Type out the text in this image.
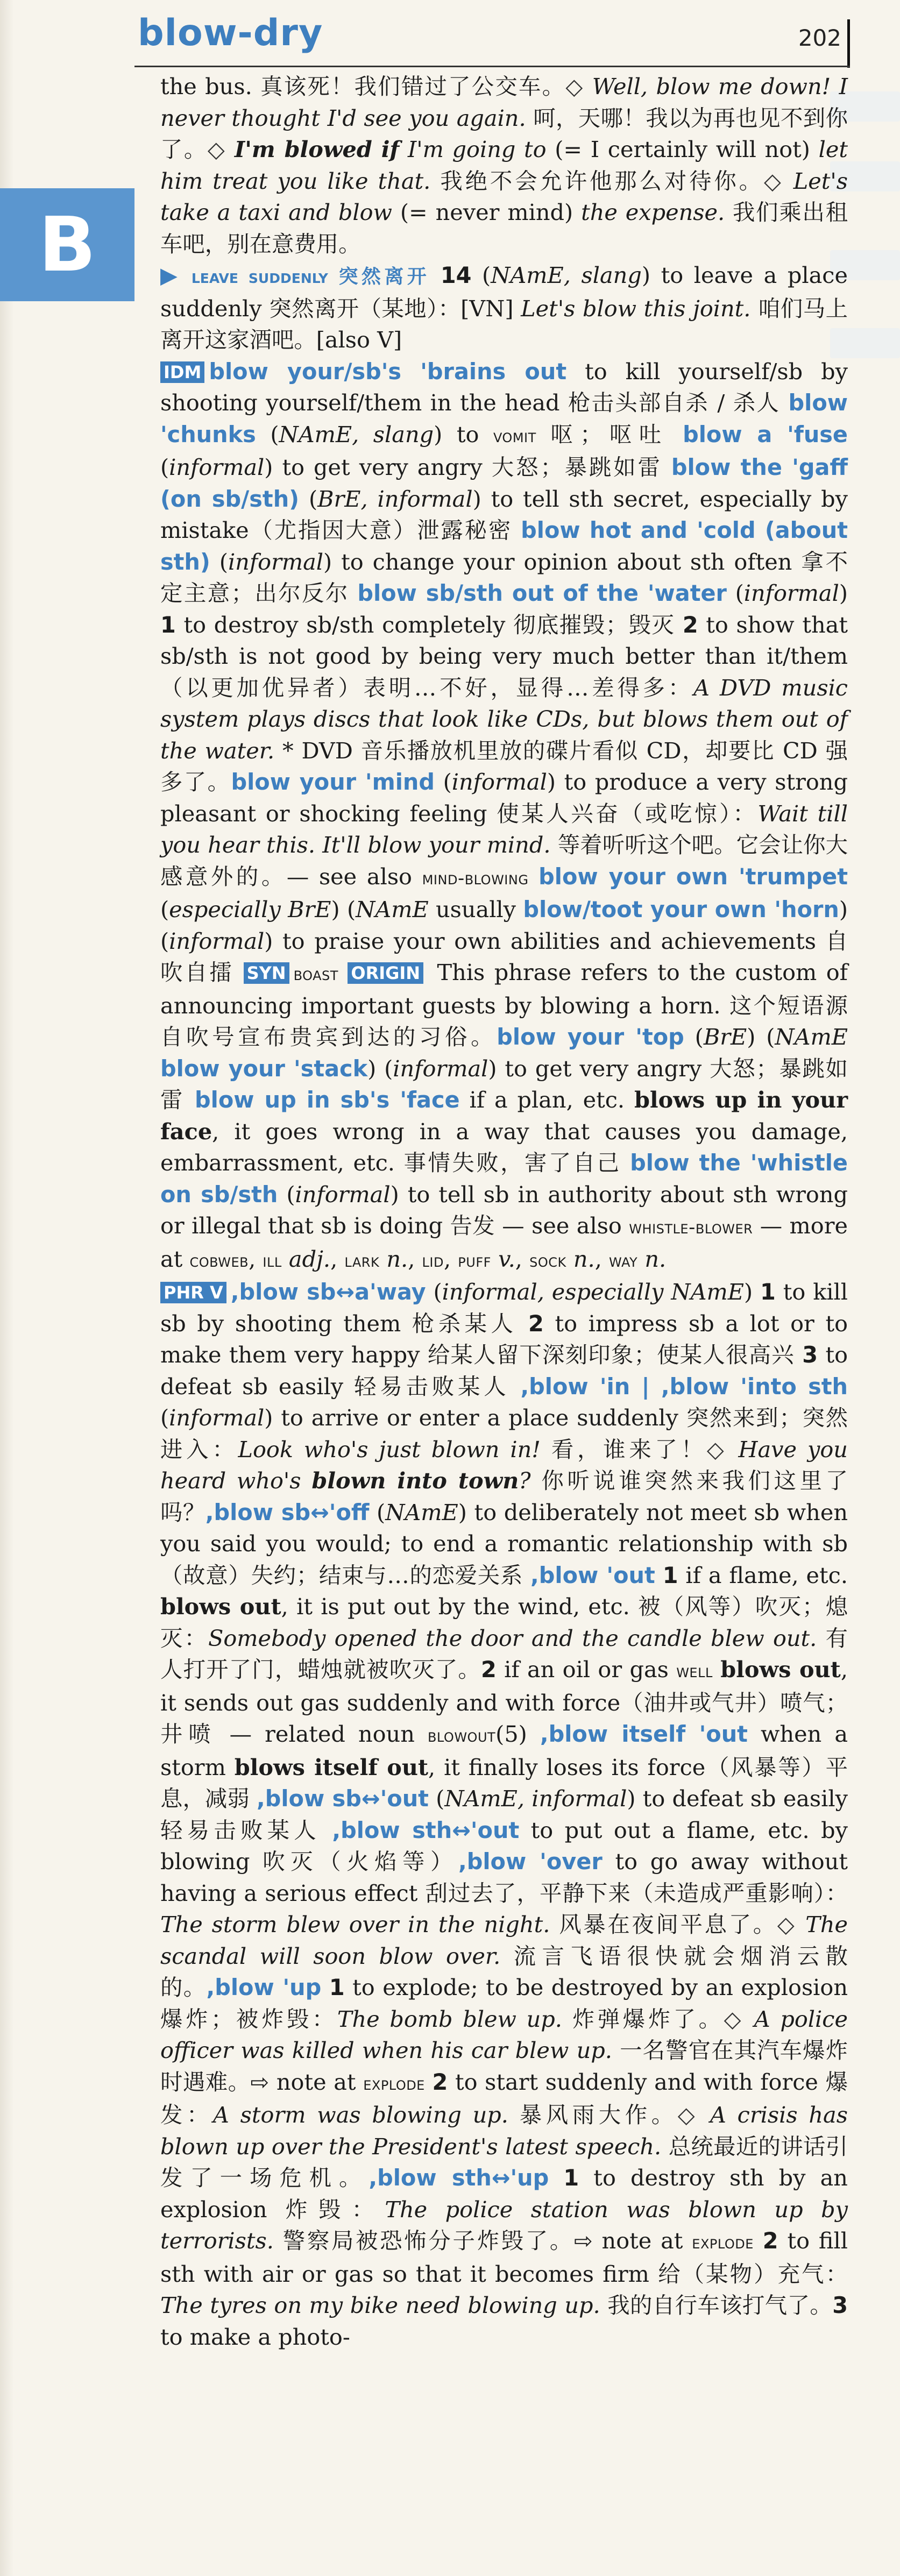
blow-dry	202
B
the bus. 真该死！我们错过了公交车。◇ Well, blow me down! I never thought I'd see you again. 呵，天哪！我以为再也见不到你了。◇ I'm blowed if I'm going to (= I certainly will not) let him treat you like that. 我绝不会允许他那么对待你。◇ Let's take a taxi and blow (= never mind) the expense. 我们乘出租车吧，别在意费用。
▶ leave suddenly 突然离开 14 (NAmE, slang) to leave a place suddenly 突然离开（某地）：[VN] Let's blow this joint. 咱们马上离开这家酒吧。[also V]
IDM blow your/sb's 'brains out to kill yourself/sb by shooting yourself/them in the head 枪击头部自杀 / 杀人 blow 'chunks (NAmE, slang) to vomit 呕；呕吐 blow a 'fuse (informal) to get very angry 大怒；暴跳如雷 blow the 'gaff (on sb/sth) (BrE, informal) to tell sth secret, especially by mistake（尤指因大意）泄露秘密 blow hot and 'cold (about sth) (informal) to change your opinion about sth often 拿不定主意；出尔反尔 blow sb/sth out of the 'water (informal) 1 to destroy sb/sth completely 彻底摧毁；毁灭 2 to show that sb/sth is not good by being very much better than it/them（以更加优异者）表明…不好，显得…差得多：A DVD music system plays discs that look like CDs, but blows them out of the water. * DVD 音乐播放机里放的碟片看似 CD，却要比 CD 强多了。blow your 'mind (informal) to produce a very strong pleasant or shocking feeling 使某人兴奋（或吃惊）：Wait till you hear this. It'll blow your mind. 等着听听这个吧。它会让你大感意外的。— see also mind-blowing blow your own 'trumpet (especially BrE) (NAmE usually blow/toot your own 'horn) (informal) to praise your own abilities and achievements 自吹自擂 SYN boast ORIGIN This phrase refers to the custom of announcing important guests by blowing a horn. 这个短语源自吹号宣布贵宾到达的习俗。blow your 'top (BrE) (NAmE blow your 'stack) (informal) to get very angry 大怒；暴跳如雷 blow up in sb's 'face if a plan, etc. blows up in your face, it goes wrong in a way that causes you damage, embarrassment, etc. 事情失败，害了自己 blow the 'whistle on sb/sth (informal) to tell sb in authority about sth wrong or illegal that sb is doing 告发 — see also whistle-blower — more at cobweb, ill adj., lark n., lid, puff v., sock n., way n.
PHR V ,blow sb↔a'way (informal, especially NAmE) 1 to kill sb by shooting them 枪杀某人 2 to impress sb a lot or to make them very happy 给某人留下深刻印象；使某人很高兴 3 to defeat sb easily 轻易击败某人 ,blow 'in | ,blow 'into sth (informal) to arrive or enter a place suddenly 突然来到；突然进入：Look who's just blown in! 看，谁来了！◇ Have you heard who's blown into town? 你听说谁突然来我们这里了吗？,blow sb↔'off (NAmE) to deliberately not meet sb when you said you would; to end a romantic relationship with sb（故意）失约；结束与…的恋爱关系 ,blow 'out 1 if a flame, etc. blows out, it is put out by the wind, etc. 被（风等）吹灭；熄灭：Somebody opened the door and the candle blew out. 有人打开了门，蜡烛就被吹灭了。2 if an oil or gas well blows out, it sends out gas suddenly and with force（油井或气井）喷气；井喷 — related noun blowout(5) ,blow itself 'out when a storm blows itself out, it finally loses its force（风暴等）平息，减弱 ,blow sb↔'out (NAmE, informal) to defeat sb easily 轻易击败某人 ,blow sth↔'out to put out a flame, etc. by blowing 吹灭（火焰等）,blow 'over to go away without having a serious effect 刮过去了，平静下来（未造成严重影响）：The storm blew over in the night. 风暴在夜间平息了。◇ The scandal will soon blow over. 流言飞语很快就会烟消云散的。,blow 'up 1 to explode; to be destroyed by an explosion 爆炸；被炸毁：The bomb blew up. 炸弹爆炸了。◇ A police officer was killed when his car blew up. 一名警官在其汽车爆炸时遇难。⇨ note at explode 2 to start suddenly and with force 爆发：A storm was blowing up. 暴风雨大作。◇ A crisis has blown up over the President's latest speech. 总统最近的讲话引发了一场危机。,blow sth↔'up 1 to destroy sth by an explosion 炸毁：The police station was blown up by terrorists. 警察局被恐怖分子炸毁了。⇨ note at explode 2 to fill sth with air or gas so that it becomes firm 给（某物）充气：The tyres on my bike need blowing up. 我的自行车该打气了。3 to make a photo-
